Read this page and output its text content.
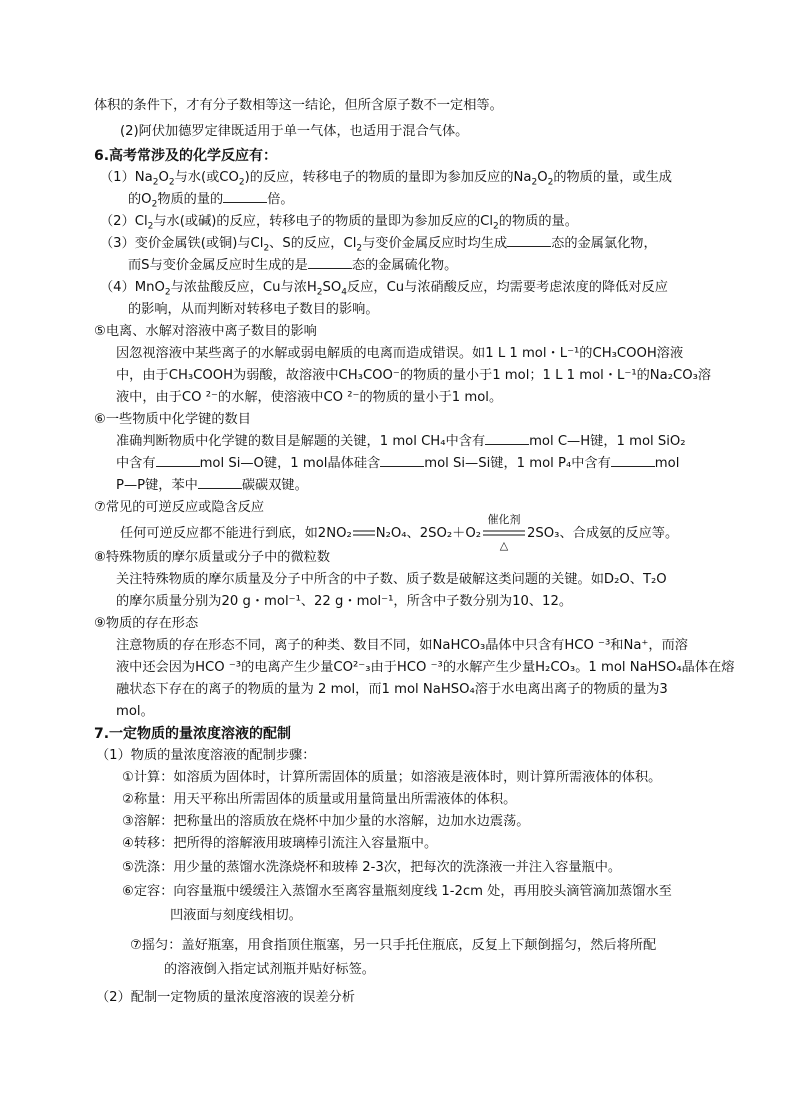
体积的条件下，才有分子数相等这一结论，但所含原子数不一定相等。
(2)阿伏加德罗定律既适用于单一气体，也适用于混合气体。
6.高考常涉及的化学反应有：
$(1)Na_2O_2$与水(或$CO_2$)的反应，转移电子的物质的量即为参加反应的$Na_2O_2$的物质的量，或生成
的$O_2$物质的量的	倍。
$(2)Cl_2$与水(或碱)的反应，转移电子的物质的量即为参加反应的$Cl_2$的物质的量。
（3）变价金属铁(或铜)与$Cl_2$、S的反应，$Cl_2$与变价金属反应时均生成	态的金属氯化物，
而S与变价金属反应时生成的是	态的金属硫化物。
（4）MnO$_2$与浓盐酸反应，Cu与浓$H_2SO_4$反应，Cu与浓硝酸反应，均需要考虑浓度的降低对反应
的影响，从而判断对转移电子数目的影响。
⑤电离、水解对溶液中离子数目的影响
因忽视溶液中某些离子的水解或弱电解质的电离而造成错误。如1 L 1 mol・L⁻¹的CH₃COOH溶液
中，由于CH₃COOH为弱酸，故溶液中CH₃COO⁻的物质的量小于1 mol；1 L 1 mol・L⁻¹的Na₂CO₃溶
液中，由于CO ²⁻的水解，使溶液中CO ²⁻的物质的量小于1 mol。
⑥一些物质中化学键的数目
准确判断物质中化学键的数目是解题的关键，1 mol CH₄中含有	mol C—H键，1 mol SiO₂
中含有	mol Si—O键，1 mol晶体硅含	mol Si—Si键，1 mol P₄中含有	mol
P—P键，苯中	碳碳双键。
⑦常见的可逆反应或隐含反应
任何可逆反应都不能进行到底，如2NO₂ N₂O₄、2SO₂＋O₂
催化剂
△
2SO₃、合成氨的反应等。
⑧特殊物质的摩尔质量或分子中的微粒数
关注特殊物质的摩尔质量及分子中所含的中子数、质子数是破解这类问题的关键。如D₂O、T₂O
的摩尔质量分别为20 g・mol⁻¹、22 g・mol⁻¹，所含中子数分别为10、12。
⑨物质的存在形态
注意物质的存在形态不同，离子的种类、数目不同，如NaHCO₃晶体中只含有HCO ⁻³和Na⁺，而溶
液中还会因为HCO ⁻³的电离产生少量CO²⁻₃由于HCO ⁻³的水解产生少量H₂CO₃。1 mol NaHSO₄晶体在熔
融状态下存在的离子的物质的量为 2 mol，而1 mol NaHSO₄溶于水电离出离子的物质的量为3
mol。
7.一定物质的量浓度溶液的配制
（1）物质的量浓度溶液的配制步骤：
①计算：如溶质为固体时，计算所需固体的质量；如溶液是液体时，则计算所需液体的体积。
②称量：用天平称出所需固体的质量或用量筒量出所需液体的体积。
③溶解：把称量出的溶质放在烧杯中加少量的水溶解，边加水边震荡。
④转移：把所得的溶解液用玻璃棒引流注入容量瓶中。
⑤洗涤：用少量的蒸馏水洗涤烧杯和玻棒 2-3次，把每次的洗涤液一并注入容量瓶中。
⑥定容：向容量瓶中缓缓注入蒸馏水至离容量瓶刻度线 1-2cm 处，再用胶头滴管滴加蒸馏水至
凹液面与刻度线相切。
⑦摇匀：盖好瓶塞，用食指顶住瓶塞，另一只手托住瓶底，反复上下颠倒摇匀，然后将所配
的溶液倒入指定试剂瓶并贴好标签。
（2）配制一定物质的量浓度溶液的误差分析
